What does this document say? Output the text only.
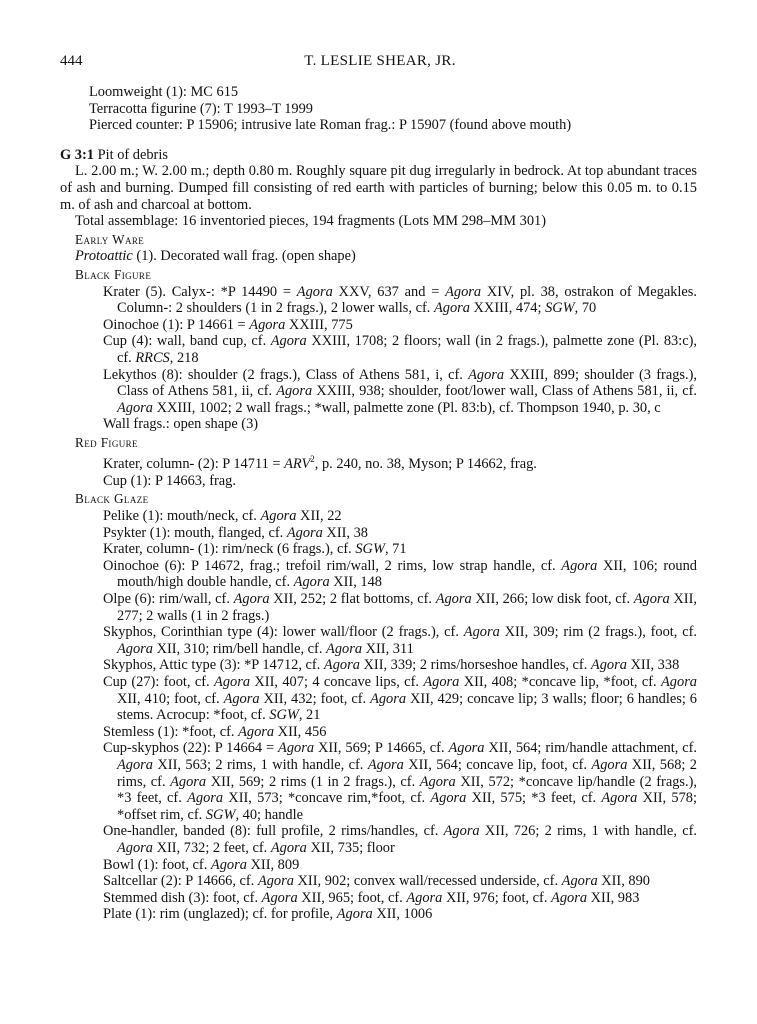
444	T. LESLIE SHEAR, JR.
Loomweight (1): MC 615
Terracotta figurine (7): T 1993–T 1999
Pierced counter: P 15906; intrusive late Roman frag.: P 15907 (found above mouth)
G 3:1 Pit of debris
L. 2.00 m.; W. 2.00 m.; depth 0.80 m. Roughly square pit dug irregularly in bedrock. At top abundant traces of ash and burning. Dumped fill consisting of red earth with particles of burning; below this 0.05 m. to 0.15 m. of ash and charcoal at bottom.
Total assemblage: 16 inventoried pieces, 194 fragments (Lots MM 298–MM 301)
Early Ware
Protoattic (1). Decorated wall frag. (open shape)
Black Figure
Krater (5). Calyx-: *P 14490 = Agora XXV, 637 and = Agora XIV, pl. 38, ostrakon of Megakles. Column-: 2 shoulders (1 in 2 frags.), 2 lower walls, cf. Agora XXIII, 474; SGW, 70
Oinochoe (1): P 14661 = Agora XXIII, 775
Cup (4): wall, band cup, cf. Agora XXIII, 1708; 2 floors; wall (in 2 frags.), palmette zone (Pl. 83:c), cf. RRCS, 218
Lekythos (8): shoulder (2 frags.), Class of Athens 581, i, cf. Agora XXIII, 899; shoulder (3 frags.), Class of Athens 581, ii, cf. Agora XXIII, 938; shoulder, foot/lower wall, Class of Athens 581, ii, cf. Agora XXIII, 1002; 2 wall frags.; *wall, palmette zone (Pl. 83:b), cf. Thompson 1940, p. 30, c
Wall frags.: open shape (3)
Red Figure
Krater, column- (2): P $14711 = ARV^2$, p. 240, no. 38, Myson; P 14662, frag.
Cup (1): P 14663, frag.
Black Glaze
Pelike (1): mouth/neck, cf. Agora XII, 22
Psykter (1): mouth, flanged, cf. Agora XII, 38
Krater, column- (1): rim/neck (6 frags.), cf. SGW, 71
Oinochoe (6): P 14672, frag.; trefoil rim/wall, 2 rims, low strap handle, cf. Agora XII, 106; round mouth/high double handle, cf. Agora XII, 148
Olpe (6): rim/wall, cf. Agora XII, 252; 2 flat bottoms, cf. Agora XII, 266; low disk foot, cf. Agora XII, 277; 2 walls (1 in 2 frags.)
Skyphos, Corinthian type (4): lower wall/floor (2 frags.), cf. Agora XII, 309; rim (2 frags.), foot, cf. Agora XII, 310; rim/bell handle, cf. Agora XII, 311
Skyphos, Attic type (3): *P 14712, cf. Agora XII, 339; 2 rims/horseshoe handles, cf. Agora XII, 338
Cup (27): foot, cf. Agora XII, 407; 4 concave lips, cf. Agora XII, 408; *concave lip, *foot, cf. Agora XII, 410; foot, cf. Agora XII, 432; foot, cf. Agora XII, 429; concave lip; 3 walls; floor; 6 handles; 6 stems. Acrocup: *foot, cf. SGW, 21
Stemless (1): *foot, cf. Agora XII, 456
Cup-skyphos (22): P 14664 = Agora XII, 569; P 14665, cf. Agora XII, 564; rim/handle attachment, cf. Agora XII, 563; 2 rims, 1 with handle, cf. Agora XII, 564; concave lip, foot, cf. Agora XII, 568; 2 rims, cf. Agora XII, 569; 2 rims (1 in 2 frags.), cf. Agora XII, 572; *concave lip/handle (2 frags.), *3 feet, cf. Agora XII, 573; *concave rim,*foot, cf. Agora XII, 575; *3 feet, cf. Agora XII, 578; *offset rim, cf. SGW, 40; handle
One-handler, banded (8): full profile, 2 rims/handles, cf. Agora XII, 726; 2 rims, 1 with handle, cf. Agora XII, 732; 2 feet, cf. Agora XII, 735; floor
Bowl (1): foot, cf. Agora XII, 809
Saltcellar (2): P 14666, cf. Agora XII, 902; convex wall/recessed underside, cf. Agora XII, 890
Stemmed dish (3): foot, cf. Agora XII, 965; foot, cf. Agora XII, 976; foot, cf. Agora XII, 983
Plate (1): rim (unglazed); cf. for profile, Agora XII, 1006
